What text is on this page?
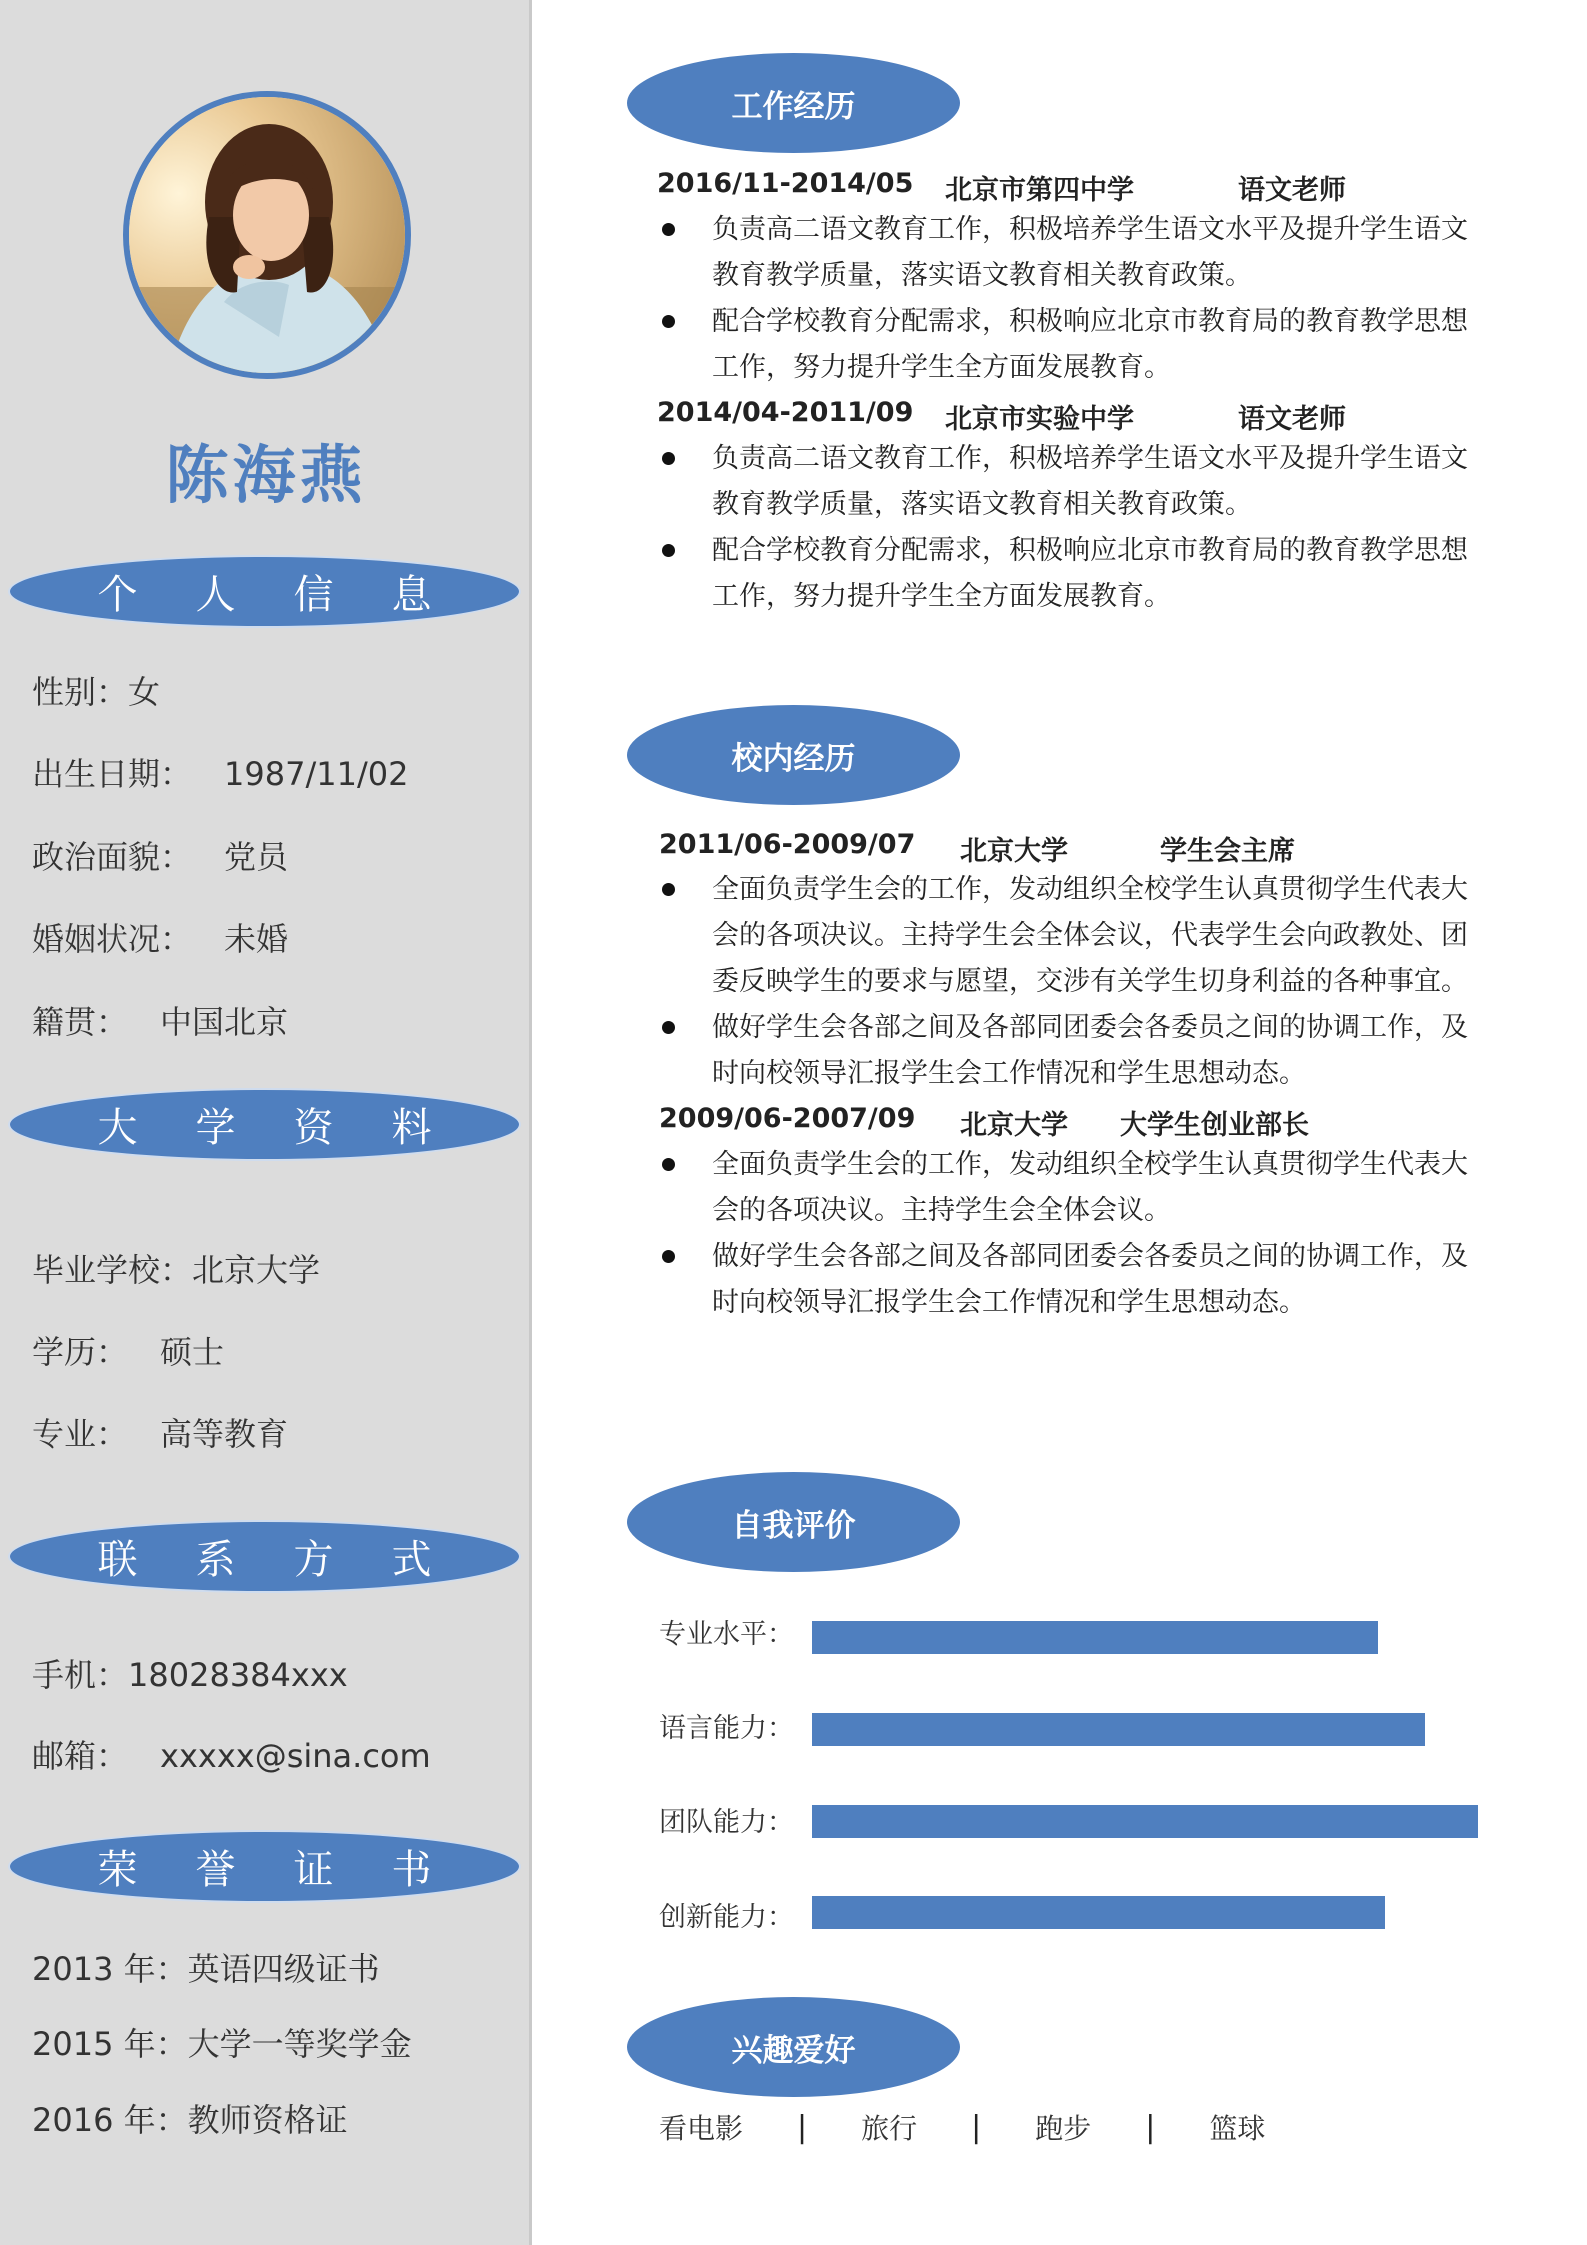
陈海燕
个人信息
性别：女
出生日期： 1987/11/02
政治面貌： 党员
婚姻状况： 未婚
籍贯： 中国北京
大学资料
毕业学校：北京大学
学历： 硕士
专业： 高等教育
联系方式
手机：18028384xxx
邮箱： xxxxx@sina.com
荣誉证书
2013 年：英语四级证书
2015 年：大学一等奖学金
2016 年：教师资格证
工作经历
2016/11-2014/05 北京市第四中学	语文老师
负责高二语文教育工作，积极培养学生语文水平及提升学生语文教育教学质量，落实语文教育相关教育政策。
配合学校教育分配需求，积极响应北京市教育局的教育教学思想工作，努力提升学生全方面发展教育。
2014/04-2011/09 北京市实验中学	语文老师
负责高二语文教育工作，积极培养学生语文水平及提升学生语文教育教学质量，落实语文教育相关教育政策。
配合学校教育分配需求，积极响应北京市教育局的教育教学思想工作，努力提升学生全方面发展教育。
校内经历
2011/06-2009/07 北京大学	学生会主席
全面负责学生会的工作，发动组织全校学生认真贯彻学生代表大会的各项决议。主持学生会全体会议，代表学生会向政教处、团委反映学生的要求与愿望，交涉有关学生切身利益的各种事宜。
做好学生会各部之间及各部同团委会各委员之间的协调工作，及时向校领导汇报学生会工作情况和学生思想动态。
2009/06-2007/09 北京大学 大学生创业部长
全面负责学生会的工作，发动组织全校学生认真贯彻学生代表大会的各项决议。主持学生会全体会议。
做好学生会各部之间及各部同团委会各委员之间的协调工作，及时向校领导汇报学生会工作情况和学生思想动态。
自我评价
专业水平：
语言能力：
团队能力：
创新能力：
兴趣爱好
看电影 | 旅行 | 跑步 | 篮球
